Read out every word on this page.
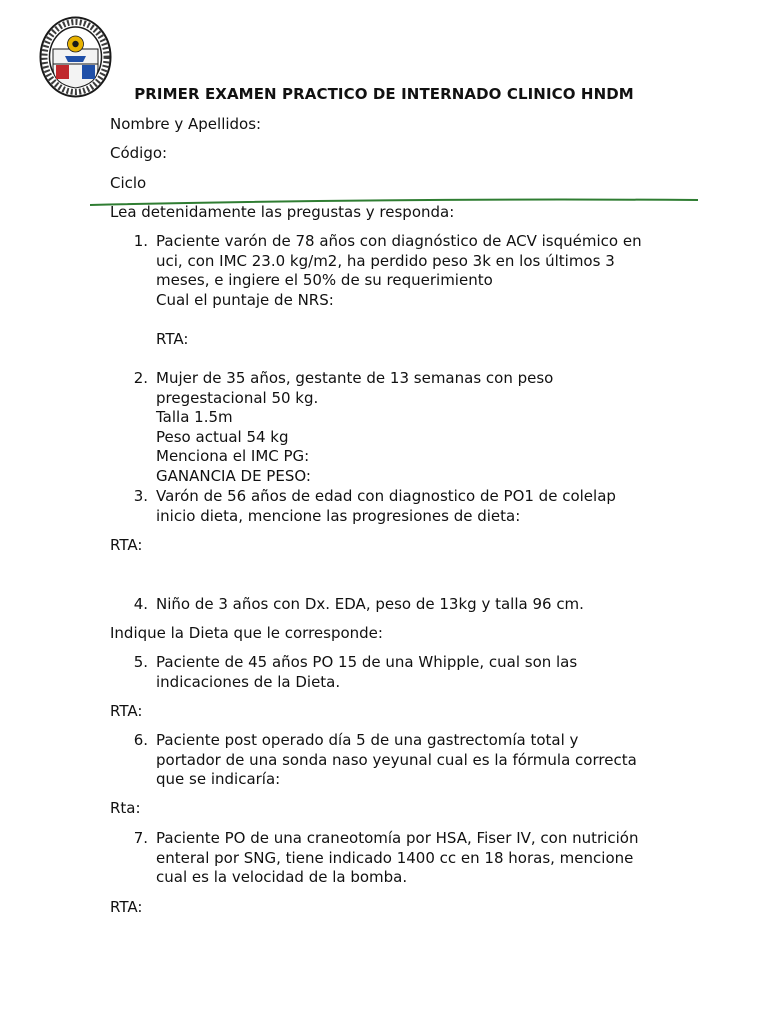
PRIMER EXAMEN PRACTICO DE INTERNADO CLINICO HNDM
Nombre y Apellidos:
Código:
Ciclo
Lea detenidamente las pregustas y responda:
1. Paciente varón de 78 años con diagnóstico de ACV isquémico en
uci, con IMC 23.0 kg/m2, ha perdido peso 3k en los últimos 3
meses, e ingiere el 50% de su requerimiento
Cual el puntaje de NRS:
RTA:
2. Mujer de 35 años, gestante de 13 semanas con peso
pregestacional 50 kg.
Talla 1.5m
Peso actual 54 kg
Menciona el IMC PG:
GANANCIA DE PESO:
3. Varón de 56 años de edad con diagnostico de PO1 de colelap
inicio dieta, mencione las progresiones de dieta:
RTA:
4. Niño de 3 años con Dx. EDA, peso de 13kg y talla 96 cm.
Indique la Dieta que le corresponde:
5. Paciente de 45 años PO 15 de una Whipple, cual son las
indicaciones de la Dieta.
RTA:
6. Paciente post operado día 5 de una gastrectomía total y
portador de una sonda naso yeyunal cual es la fórmula correcta
que se indicaría:
Rta:
7. Paciente PO de una craneotomía por HSA, Fiser IV, con nutrición
enteral por SNG, tiene indicado 1400 cc en 18 horas, mencione
cual es la velocidad de la bomba.
RTA:
